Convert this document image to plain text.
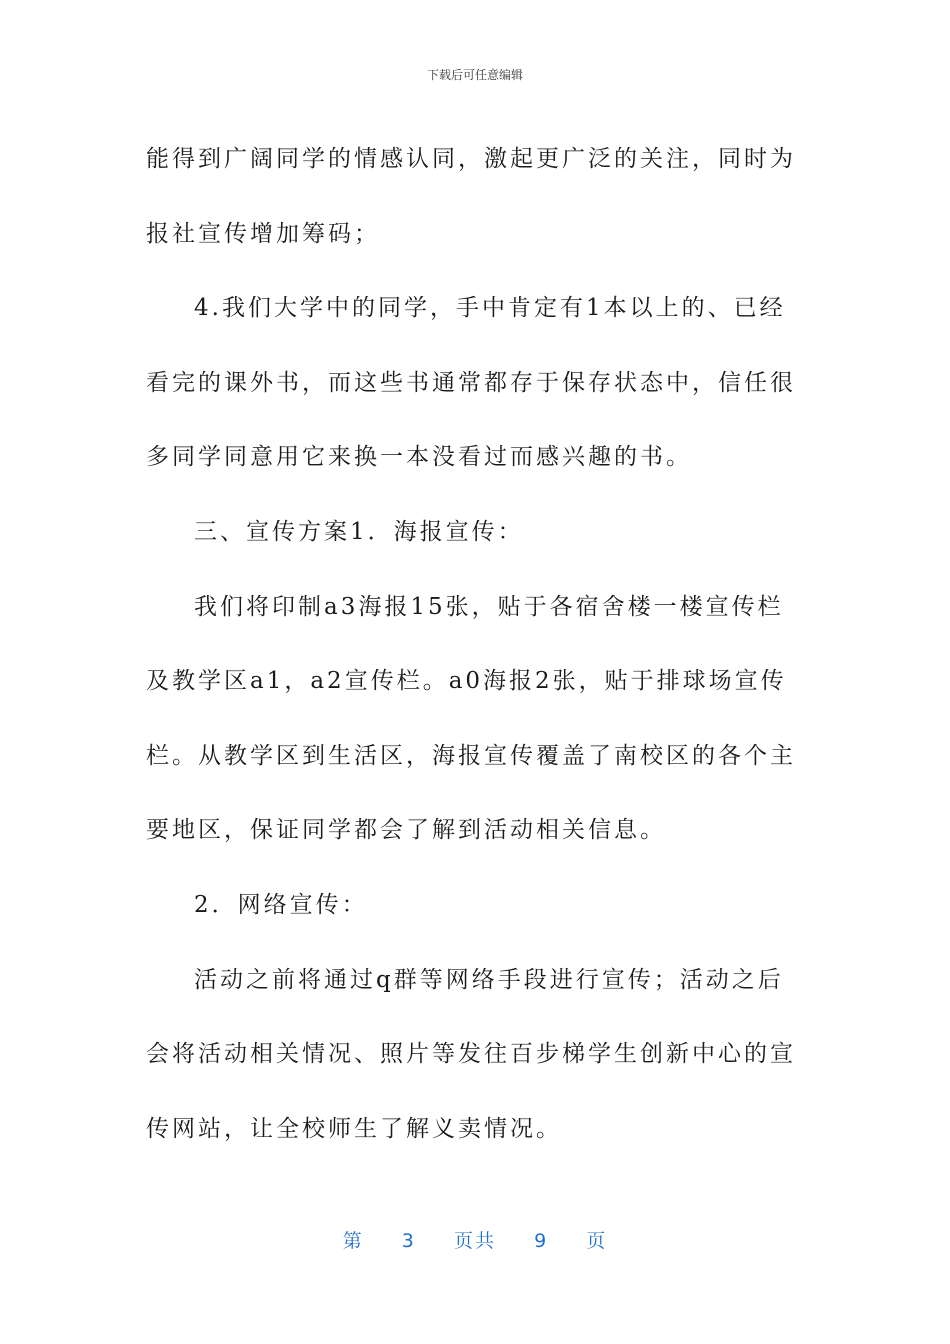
下载后可任意编辑

能得到广阔同学的情感认同，激起更广泛的关注，同时为报社宣传增加筹码；

4.我们大学中的同学，手中肯定有1本以上的、已经看完的课外书，而这些书通常都存于保存状态中，信任很多同学同意用它来换一本没看过而感兴趣的书。

三、宣传方案1．海报宣传：

我们将印制a3海报15张，贴于各宿舍楼一楼宣传栏及教学区a1，a2宣传栏。a0海报2张，贴于排球场宣传栏。从教学区到生活区，海报宣传覆盖了南校区的各个主要地区，保证同学都会了解到活动相关信息。

2．网络宣传：

活动之前将通过q群等网络手段进行宣传；活动之后会将活动相关情况、照片等发往百步梯学生创新中心的宣传网站，让全校师生了解义卖情况。

第 3 页共 9 页
